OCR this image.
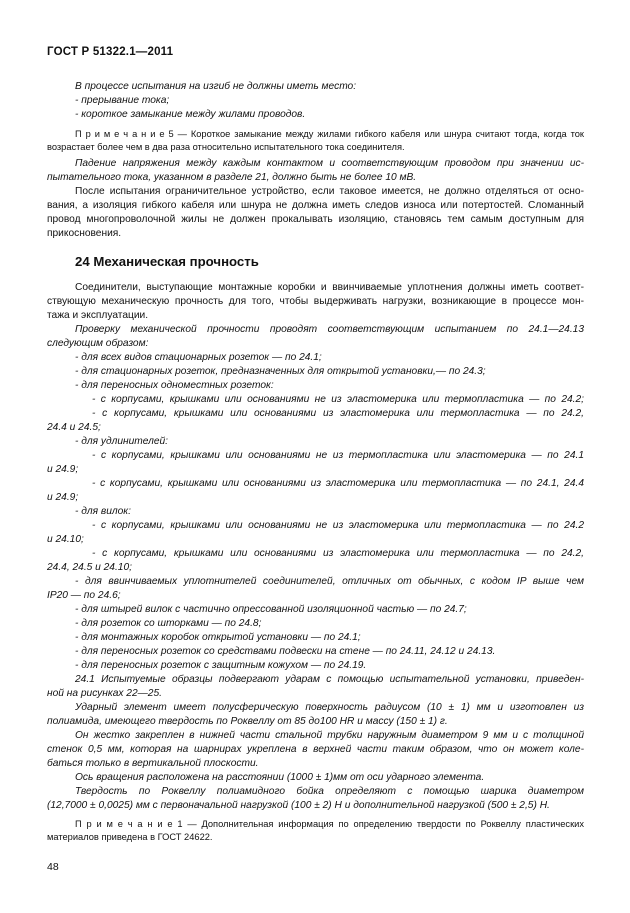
ГОСТ Р 51322.1—2011
В процессе испытания на изгиб не должны иметь место:
- прерывание тока;
- короткое замыкание между жилами проводов.
П р и м е ч а н и е 5 — Короткое замыкание между жилами гибкого кабеля или шнура считают тогда, когда ток
возрастает более чем в два раза относительно испытательного тока соединителя.
Падение напряжения между каждым контактом и соответствующим проводом при значении ис-
пытательного тока, указанном в разделе 21, должно быть не более 10 мВ.
После испытания ограничительное устройство, если таковое имеется, не должно отделяться от осно-
вания, а изоляция гибкого кабеля или шнура не должна иметь следов износа или потертостей. Сломанный
провод многопроволочной жилы не должен прокалывать изоляцию, становясь тем самым доступным для
прикосновения.
24 Механическая прочность
Соединители, выступающие монтажные коробки и ввинчиваемые уплотнения должны иметь соответ-
ствующую механическую прочность для того, чтобы выдерживать нагрузки, возникающие в процессе мон-
тажа и эксплуатации.
Проверку механической прочности проводят соответствующим испытанием по 24.1—24.13
следующим образом:
- для всех видов стационарных розеток — по 24.1;
- для стационарных розеток, предназначенных для открытой установки,— по 24.3;
- для переносных одноместных розеток:
- с корпусами, крышками или основаниями не из эластомерика или термопластика — по 24.2;
- с корпусами, крышками или основаниями из эластомерика или термопластика — по 24.2,
24.4 и 24.5;
- для удлинителей:
- с корпусами, крышками или основаниями не из термопластика или эластомерика — по 24.1
и 24.9;
- с корпусами, крышками или основаниями из эластомерика или термопластика — по 24.1, 24.4
и 24.9;
- для вилок:
- с корпусами, крышками или основаниями не из эластомерика или термопластика — по 24.2
и 24.10;
- с корпусами, крышками или основаниями из эластомерика или термопластика — по 24.2,
24.4, 24.5 и 24.10;
- для ввинчиваемых уплотнителей соединителей, отличных от обычных, с кодом IP выше чем
IP20 — по 24.6;
- для штырей вилок с частично опрессованной изоляционной частью — по 24.7;
- для розеток со шторками — по 24.8;
- для монтажных коробок открытой установки — по 24.1;
- для переносных розеток со средствами подвески на стене — по 24.11, 24.12 и 24.13.
- для переносных розеток с защитным кожухом — по 24.19.
24.1 Испытуемые образцы подвергают ударам с помощью испытательной установки, приведен-
ной на рисунках 22—25.
Ударный элемент имеет полусферическую поверхность радиусом (10 ± 1) мм и изготовлен из
полиамида, имеющего твердость по Роквеллу от 85 до100 HR и массу (150 ± 1) г.
Он жестко закреплен в нижней части стальной трубки наружным диаметром 9 мм и с толщиной
стенок 0,5 мм, которая на шарнирах укреплена в верхней части таким образом, что он может коле-
баться только в вертикальной плоскости.
Ось вращения расположена на расстоянии (1000 ± 1)мм от оси ударного элемента.
Твердость по Роквеллу полиамидного бойка определяют с помощью шарика диаметром
(12,7000 ± 0,0025) мм с первоначальной нагрузкой (100 ± 2) Н и дополнительной нагрузкой (500 ± 2,5) Н.
П р и м е ч а н и е 1 — Дополнительная информация по определению твердости по Роквеллу пластических
материалов приведена в ГОСТ 24622.
48
